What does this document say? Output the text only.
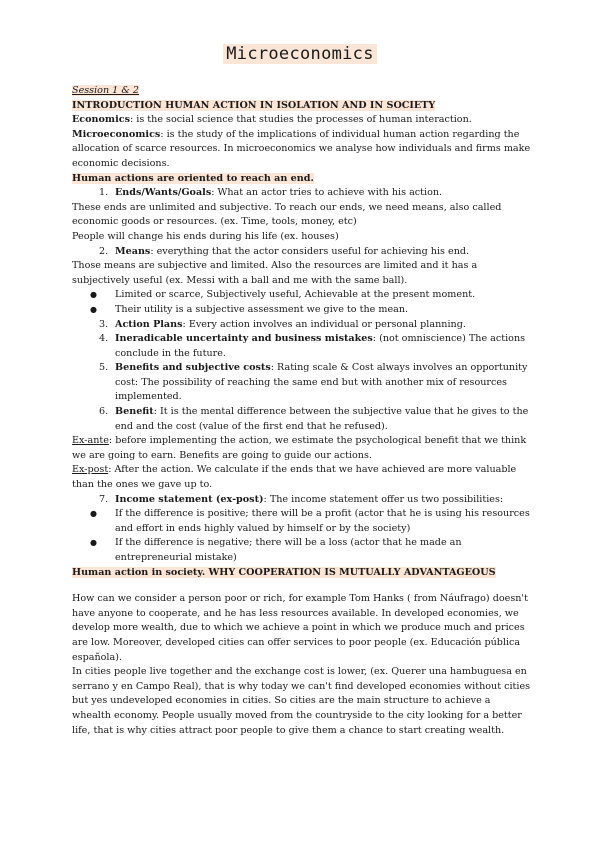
Microeconomics

Session 1 & 2

INTRODUCTION HUMAN ACTION IN ISOLATION AND IN SOCIETY

Economics: is the social science that studies the processes of human interaction.

Microeconomics: is the study of the implications of individual human action regarding the allocation of scarce resources. In microeconomics we analyse how individuals and firms make economic decisions.

Human actions are oriented to reach an end.

1. Ends/Wants/Goals: What an actor tries to achieve with his action.

These ends are unlimited and subjective. To reach our ends, we need means, also called economic goods or resources. (ex. Time, tools, money, etc)

People will change his ends during his life (ex. houses)

2. Means: everything that the actor considers useful for achieving his end.

Those means are subjective and limited. Also the resources are limited and it has a subjectively useful (ex. Messi with a ball and me with the same ball).

● Limited or scarce, Subjectively useful, Achievable at the present moment.

● Their utility is a subjective assessment we give to the mean.

3. Action Plans: Every action involves an individual or personal planning.

4. Ineradicable uncertainty and business mistakes: (not omniscience) The actions conclude in the future.

5. Benefits and subjective costs: Rating scale & Cost always involves an opportunity cost: The possibility of reaching the same end but with another mix of resources implemented.

6. Benefit: It is the mental difference between the subjective value that he gives to the end and the cost (value of the first end that he refused).

Ex-ante: before implementing the action, we estimate the psychological benefit that we think we are going to earn. Benefits are going to guide our actions.

Ex-post: After the action. We calculate if the ends that we have achieved are more valuable than the ones we gave up to.

7. Income statement (ex-post): The income statement offer us two possibilities:

● If the difference is positive; there will be a profit (actor that he is using his resources and effort in ends highly valued by himself or by the society)

● If the difference is negative; there will be a loss (actor that he made an entrepreneurial mistake)

Human action in society. WHY COOPERATION IS MUTUALLY ADVANTAGEOUS

How can we consider a person poor or rich, for example Tom Hanks ( from Náufrago) doesn't have anyone to cooperate, and he has less resources available. In developed economies, we develop more wealth, due to which we achieve a point in which we produce much and prices are low. Moreover, developed cities can offer services to poor people (ex. Educación pública española).

In cities people live together and the exchange cost is lower, (ex. Querer una hambuguesa en serrano y en Campo Real), that is why today we can't find developed economies without cities but yes undeveloped economies in cities. So cities are the main structure to achieve a whealth economy. People usually moved from the countryside to the city looking for a better life, that is why cities attract poor people to give them a chance to start creating wealth.
